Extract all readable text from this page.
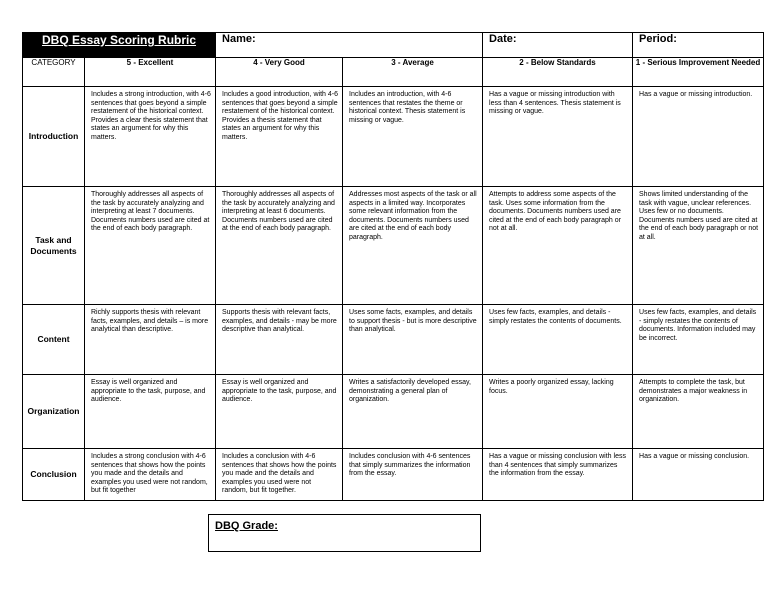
DBQ Essay Scoring Rubric		Name:		Date:	Period:
CATEGORY	5 - Excellent	4 - Very Good	3 - Average	2 - Below Standards	1 - Serious Improvement Needed
Introduction	Includes a strong introduction, with 4-6 sentences that goes beyond a simple restatement of the historical context. Provides a clear thesis statement that states an argument for why this matters.	Includes a good introduction, with 4-6 sentences that goes beyond a simple restatement of the historical context. Provides a thesis statement that states an argument for why this matters.	Includes an introduction, with 4-6 sentences that restates the theme or historical context. Thesis statement is missing or vague.	Has a vague or missing introduction with less than 4 sentences. Thesis statement is missing or vague.	Has a vague or missing introduction.

Task and Documents	Thoroughly addresses all aspects of the task by accurately analyzing and interpreting at least 7 documents. Documents numbers used are cited at the end of each body paragraph.	Thoroughly addresses all aspects of the task by accurately analyzing and interpreting at least 6 documents. Documents numbers used are cited at the end of each body paragraph.	Addresses most aspects of the task or all aspects in a limited way. Incorporates some relevant information from the documents. Documents numbers used are cited at the end of each body paragraph.	Attempts to address some aspects of the task. Uses some information from the documents. Documents numbers used are cited at the end of each body paragraph or not at all.	Shows limited understanding of the task with vague, unclear references. Uses few or no documents. Documents numbers used are cited at the end of each body paragraph or not at all.

Content	Richly supports thesis with relevant facts, examples, and details – is more analytical than descriptive.	Supports thesis with relevant facts, examples, and details - may be more descriptive than analytical.	Uses some facts, examples, and details to support thesis - but is more descriptive than analytical.	Uses few facts, examples, and details - simply restates the contents of documents.	Uses few facts, examples, and details - simply restates the contents of documents. Information included may be incorrect.

Organization	Essay is well organized and appropriate to the task, purpose, and audience.	Essay is well organized and appropriate to the task, purpose, and audience.	Writes a satisfactorily developed essay, demonstrating a general plan of organization.	Writes a poorly organized essay, lacking focus.	Attempts to complete the task, but demonstrates a major weakness in organization.

Conclusion	Includes a strong conclusion with 4-6 sentences that shows how the points you made and the details and examples you used were not random, but fit together	Includes a conclusion with 4-6 sentences that shows how the points you made and the details and examples you used were not random, but fit together.	Includes conclusion with 4-6 sentences that simply summarizes the information from the essay.	Has a vague or missing conclusion with less than 4 sentences that simply summarizes the information from the essay.	Has a vague or missing conclusion.
DBQ Grade:
